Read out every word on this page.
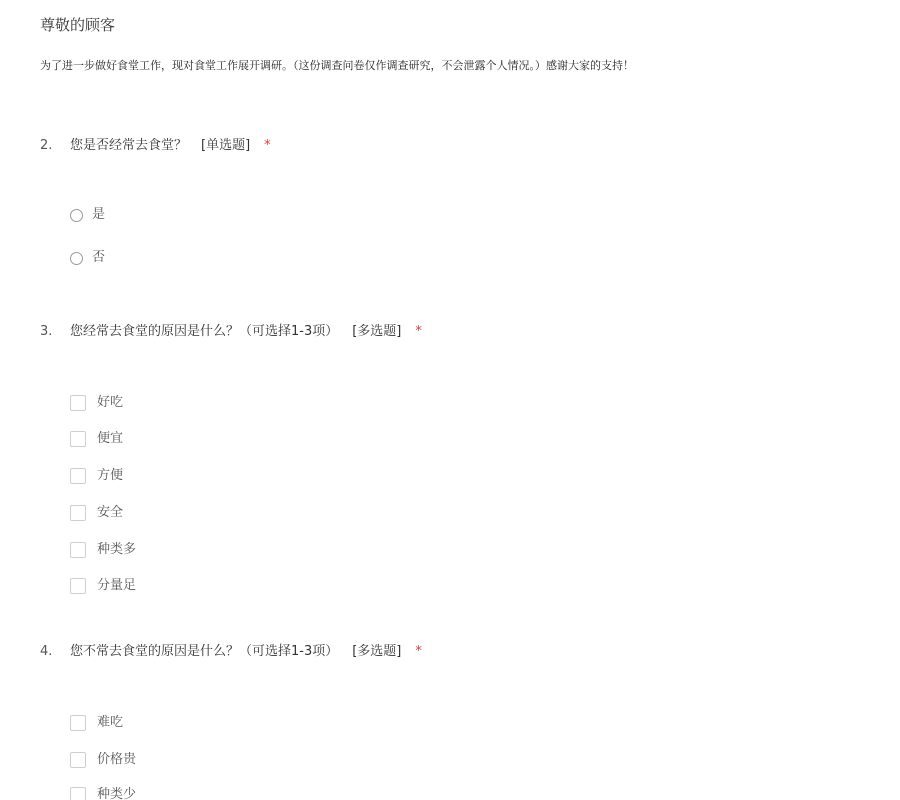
尊敬的顾客
为了进一步做好食堂工作，现对食堂工作展开调研。（这份调查问卷仅作调查研究，不会泄露个人情况。）感谢大家的支持！
2. 您是否经常去食堂？ [单选题] *
是
否
3. 您经常去食堂的原因是什么？（可选择1-3项） [多选题] *
好吃
便宜
方便
安全
种类多
分量足
4. 您不常去食堂的原因是什么？（可选择1-3项） [多选题] *
难吃
价格贵
种类少
